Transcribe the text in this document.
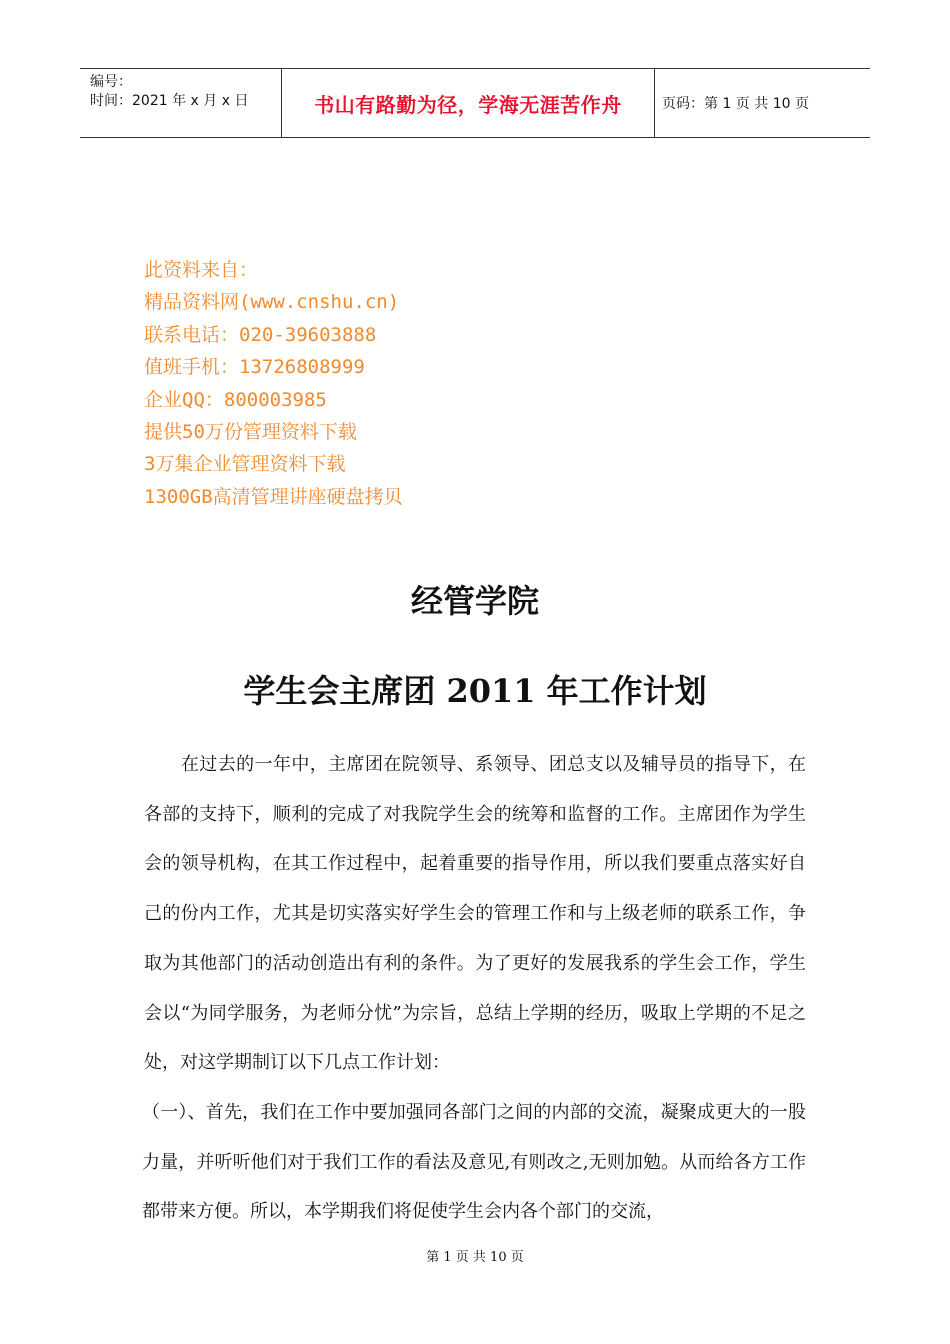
编号：
时间：2021 年 x 月 x 日	书山有路勤为径，学海无涯苦作舟	页码：第 1 页 共 10 页
此资料来自：
精品资料网(www.cnshu.cn)
联系电话：020-39603888
值班手机：13726808999
企业QQ：800003985
提供50万份管理资料下载
3万集企业管理资料下载
1300GB高清管理讲座硬盘拷贝
经管学院
学生会主席团 2011 年工作计划

在过去的一年中，主席团在院领导、系领导、团总支以及辅导员的指导下，在各部的支持下，顺利的完成了对我院学生会的统筹和监督的工作。主席团作为学生会的领导机构，在其工作过程中，起着重要的指导作用，所以我们要重点落实好自己的份内工作，尤其是切实落实好学生会的管理工作和与上级老师的联系工作，争取为其他部门的活动创造出有利的条件。为了更好的发展我系的学生会工作，学生会以“为同学服务，为老师分忧”为宗旨，总结上学期的经历，吸取上学期的不足之处，对这学期制订以下几点工作计划：

（一）、首先，我们在工作中要加强同各部门之间的内部的交流，凝聚成更大的一股力量，并听听他们对于我们工作的看法及意见,有则改之,无则加勉。从而给各方工作都带来方便。所以，本学期我们将促使学生会内各个部门的交流，

第 1 页 共 10 页
